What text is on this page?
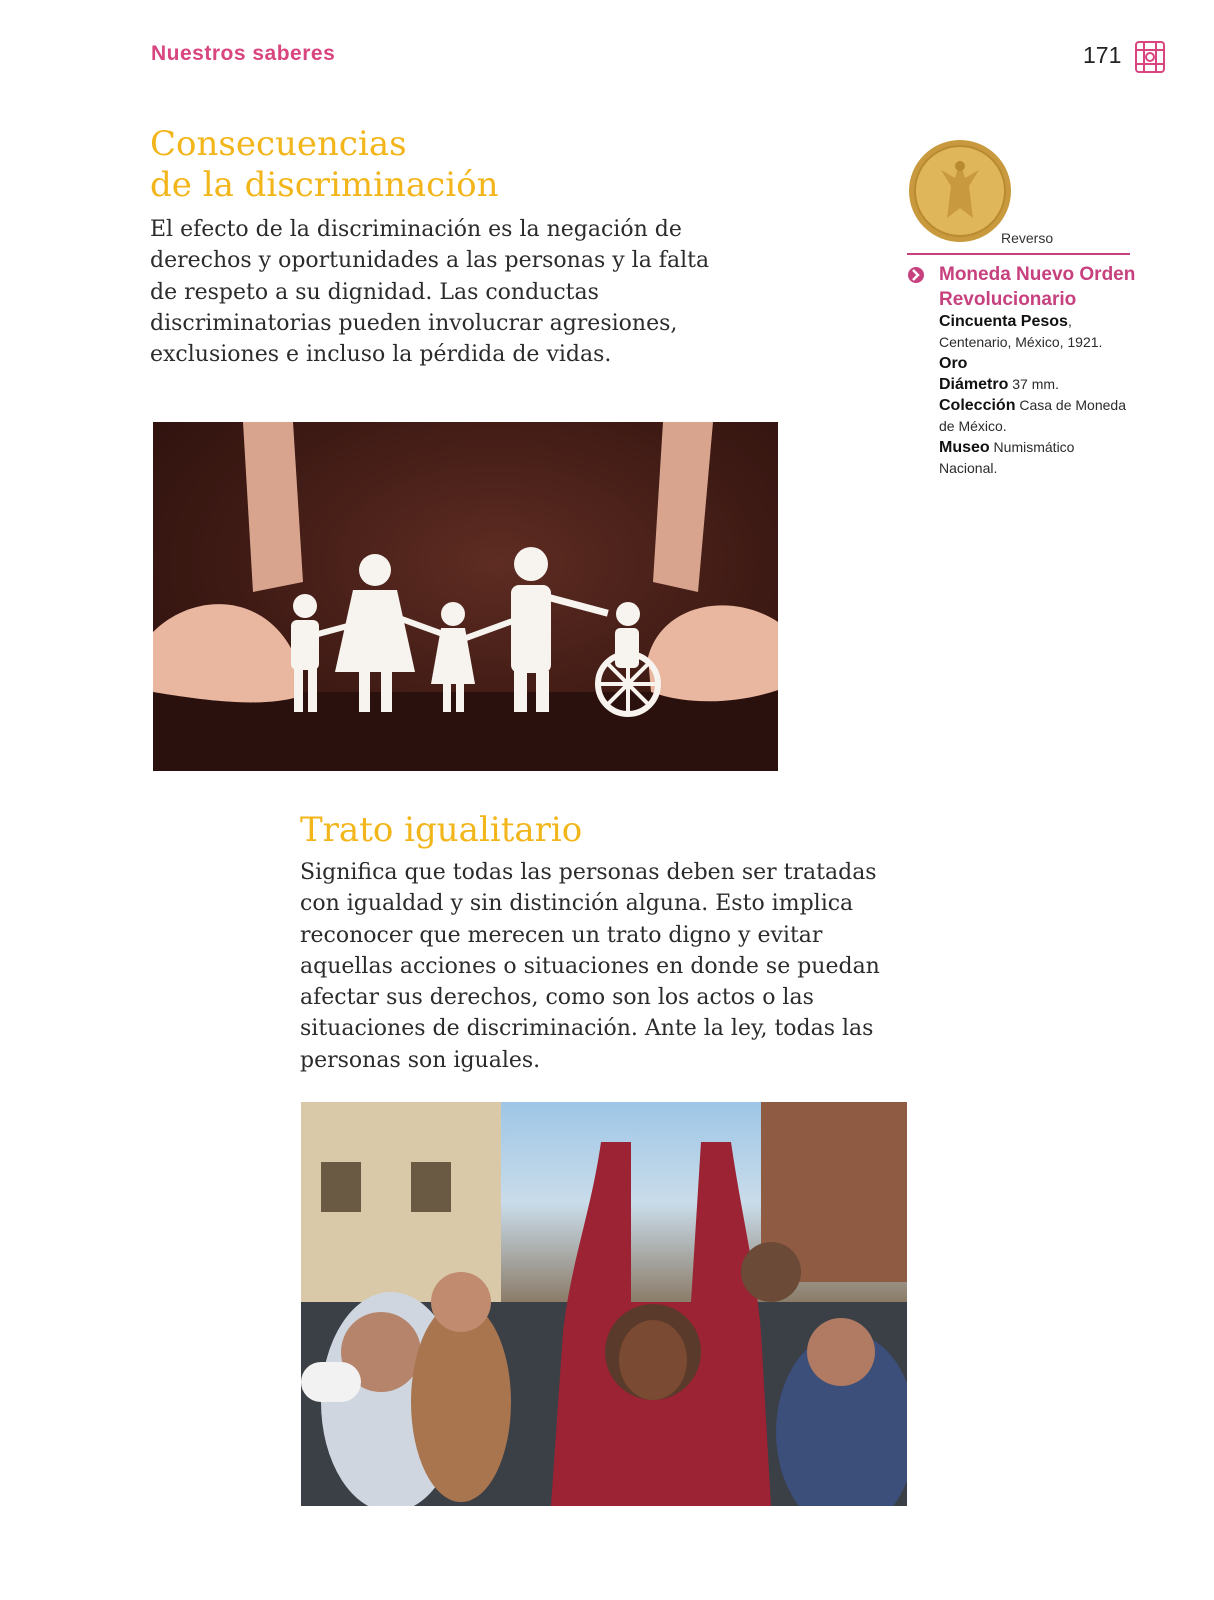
Nuestros saberes	171
Consecuencias
de la discriminación

El efecto de la discriminación es la negación de derechos y oportunidades a las personas y la falta de respeto a su dignidad. Las conductas discriminatorias pueden involucrar agresiones, exclusiones e incluso la pérdida de vidas.

Trato igualitario

Significa que todas las personas deben ser tratadas con igualdad y sin distinción alguna. Esto implica reconocer que merecen un trato digno y evitar aquellas acciones o situaciones en donde se puedan afectar sus derechos, como son los actos o las situaciones de discriminación. Ante la ley, todas las personas son iguales.

Reverso
Moneda Nuevo Orden Revolucionario
Cincuenta Pesos, Centenario, México, 1921.
Oro
Diámetro 37 mm.
Colección Casa de Moneda de México.
Museo Numismático Nacional.
